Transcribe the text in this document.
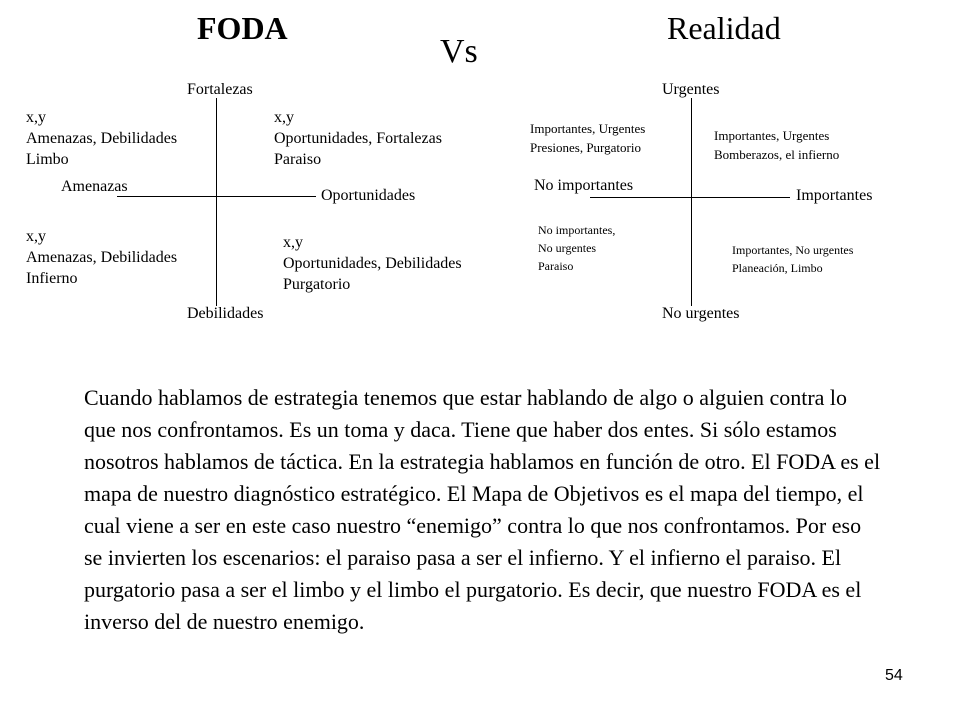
FODA	Realidad
Vs
Fortalezas
Debilidades
Amenazas
Oportunidades
x,y
Amenazas, Debilidades
Limbo
x,y
Oportunidades, Fortalezas
Paraiso
x,y
Amenazas, Debilidades
Infierno
x,y
Oportunidades, Debilidades
Purgatorio
Urgentes
No urgentes
No importantes
Importantes
Importantes, Urgentes
Presiones, Purgatorio
Importantes, Urgentes
Bomberazos, el infierno
No importantes,
No urgentes
Paraiso
Importantes, No urgentes
Planeación, Limbo
Cuando hablamos de estrategia tenemos que estar hablando de algo o alguien contra lo que nos confrontamos. Es un toma y daca. Tiene que haber dos entes. Si sólo estamos nosotros hablamos de táctica. En la estrategia hablamos en función de otro. El FODA es el mapa de nuestro diagnóstico estratégico. El Mapa de Objetivos es el mapa del tiempo, el cual viene a ser en este caso nuestro “enemigo” contra lo que nos confrontamos. Por eso se invierten los escenarios: el paraiso pasa a ser el infierno. Y el infierno el paraiso. El purgatorio pasa a ser el limbo y el limbo el purgatorio. Es decir, que nuestro FODA es el inverso del de nuestro enemigo.
54
